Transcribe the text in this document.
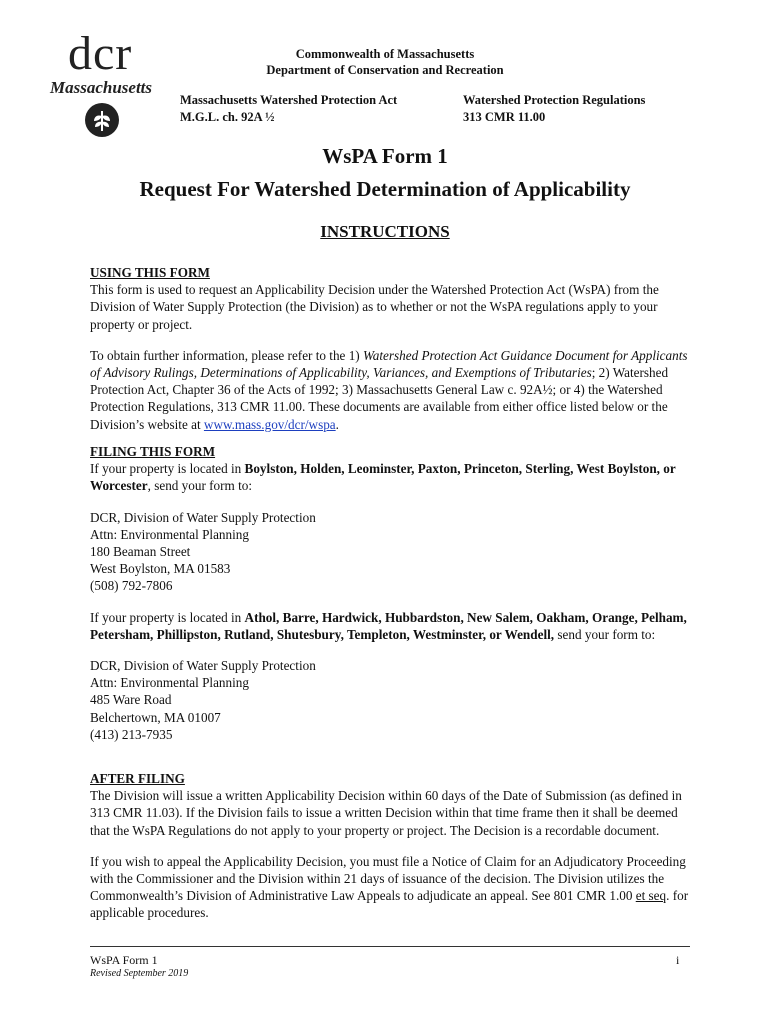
dcr
Massachusetts
Commonwealth of Massachusetts
Department of Conservation and Recreation
Massachusetts Watershed Protection Act
M.G.L. ch. 92A ½
Watershed Protection Regulations
313 CMR 11.00
WsPA Form 1
Request For Watershed Determination of Applicability
INSTRUCTIONS

USING THIS FORM

This form is used to request an Applicability Decision under the Watershed Protection Act (WsPA) from the Division of Water Supply Protection (the Division) as to whether or not the WsPA regulations apply to your property or project.

To obtain further information, please refer to the 1) Watershed Protection Act Guidance Document for Applicants of Advisory Rulings, Determinations of Applicability, Variances, and Exemptions of Tributaries; 2) Watershed Protection Act, Chapter 36 of the Acts of 1992; 3) Massachusetts General Law c. 92A½; or 4) the Watershed Protection Regulations, 313 CMR 11.00. These documents are available from either office listed below or the Division’s website at www.mass.gov/dcr/wspa.

FILING THIS FORM

If your property is located in Boylston, Holden, Leominster, Paxton, Princeton, Sterling, West Boylston, or Worcester, send your form to:

DCR, Division of Water Supply Protection
Attn: Environmental Planning
180 Beaman Street
West Boylston, MA 01583
(508) 792-7806

If your property is located in Athol, Barre, Hardwick, Hubbardston, New Salem, Oakham, Orange, Pelham, Petersham, Phillipston, Rutland, Shutesbury, Templeton, Westminster, or Wendell, send your form to:

DCR, Division of Water Supply Protection
Attn: Environmental Planning
485 Ware Road
Belchertown, MA 01007
(413) 213-7935

AFTER FILING

The Division will issue a written Applicability Decision within 60 days of the Date of Submission (as defined in 313 CMR 11.03). If the Division fails to issue a written Decision within that time frame then it shall be deemed that the WsPA Regulations do not apply to your property or project. The Decision is a recordable document.

If you wish to appeal the Applicability Decision, you must file a Notice of Claim for an Adjudicatory Proceeding with the Commissioner and the Division within 21 days of issuance of the decision. The Division utilizes the Commonwealth’s Division of Administrative Law Appeals to adjudicate an appeal. See 801 CMR 1.00 et seq. for applicable procedures.

WsPA Form 1
Revised September 2019
i
